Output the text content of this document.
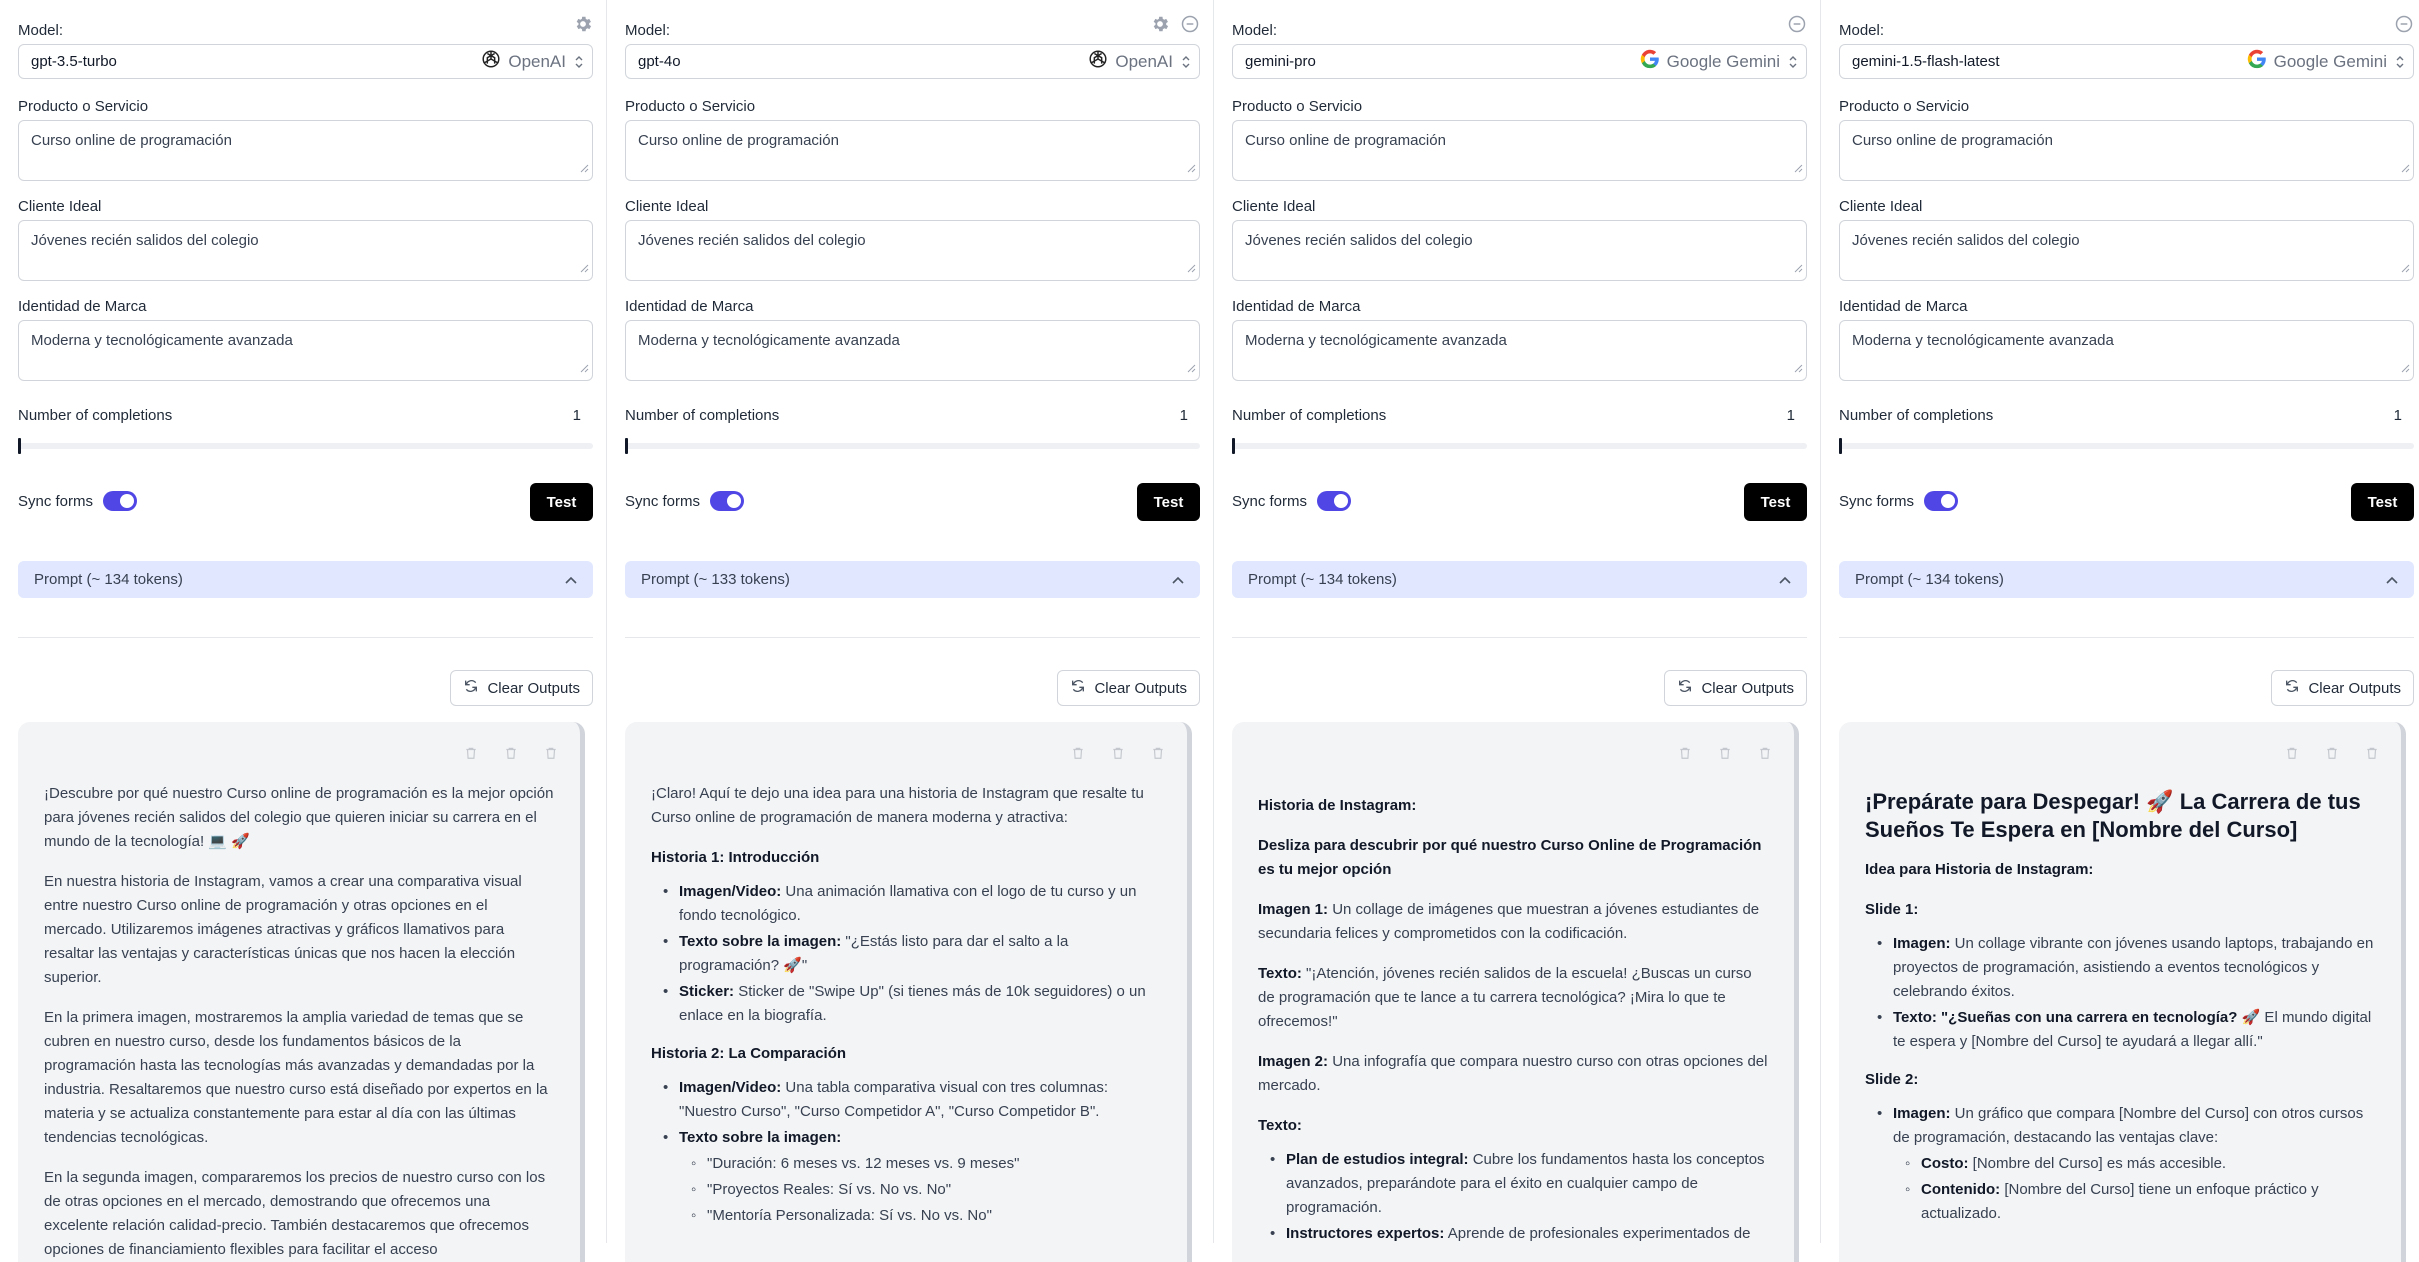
Model:
gpt-3.5-turbo	OpenAI
Producto o Servicio
Curso online de programación
Cliente Ideal
Jóvenes recién salidos del colegio
Identidad de Marca
Moderna y tecnológicamente avanzada
Number of completions	1
Sync forms	Test
Prompt (~ 134 tokens)
Clear Outputs

¡Descubre por qué nuestro Curso online de programación es la mejor opción para jóvenes recién salidos del colegio que quieren iniciar su carrera en el mundo de la tecnología! 💻 🚀

En nuestra historia de Instagram, vamos a crear una comparativa visual entre nuestro Curso online de programación y otras opciones en el mercado. Utilizaremos imágenes atractivas y gráficos llamativos para resaltar las ventajas y características únicas que nos hacen la elección superior.

En la primera imagen, mostraremos la amplia variedad de temas que se cubren en nuestro curso, desde los fundamentos básicos de la programación hasta las tecnologías más avanzadas y demandadas por la industria. Resaltaremos que nuestro curso está diseñado por expertos en la materia y se actualiza constantemente para estar al día con las últimas tendencias tecnológicas.

En la segunda imagen, compararemos los precios de nuestro curso con los de otras opciones en el mercado, demostrando que ofrecemos una excelente relación calidad-precio. También destacaremos que ofrecemos opciones de financiamiento flexibles para facilitar el acceso

Model:
gpt-4o	OpenAI
Producto o Servicio
Curso online de programación
Cliente Ideal
Jóvenes recién salidos del colegio
Identidad de Marca
Moderna y tecnológicamente avanzada
Number of completions	1
Sync forms	Test
Prompt (~ 133 tokens)
Clear Outputs

¡Claro! Aquí te dejo una idea para una historia de Instagram que resalte tu Curso online de programación de manera moderna y atractiva:

Historia 1: Introducción

• Imagen/Video: Una animación llamativa con el logo de tu curso y un fondo tecnológico.
• Texto sobre la imagen: "¿Estás listo para dar el salto a la programación? 🚀"
• Sticker: Sticker de "Swipe Up" (si tienes más de 10k seguidores) o un enlace en la biografía.

Historia 2: La Comparación

• Imagen/Video: Una tabla comparativa visual con tres columnas: "Nuestro Curso", "Curso Competidor A", "Curso Competidor B".
• Texto sobre la imagen:
◦ "Duración: 6 meses vs. 12 meses vs. 9 meses"
◦ "Proyectos Reales: Sí vs. No vs. No"
◦ "Mentoría Personalizada: Sí vs. No vs. No"
Model:
gemini-pro	Google Gemini
Producto o Servicio
Curso online de programación
Cliente Ideal
Jóvenes recién salidos del colegio
Identidad de Marca
Moderna y tecnológicamente avanzada
Number of completions	1
Sync forms	Test
Prompt (~ 134 tokens)
Clear Outputs

Historia de Instagram:

Desliza para descubrir por qué nuestro Curso Online de Programación es tu mejor opción

Imagen 1: Un collage de imágenes que muestran a jóvenes estudiantes de secundaria felices y comprometidos con la codificación.

Texto: "¡Atención, jóvenes recién salidos de la escuela! ¿Buscas un curso de programación que te lance a tu carrera tecnológica? ¡Mira lo que te ofrecemos!"

Imagen 2: Una infografía que compara nuestro curso con otras opciones del mercado.

Texto:

• Plan de estudios integral: Cubre los fundamentos hasta los conceptos avanzados, preparándote para el éxito en cualquier campo de programación.
• Instructores expertos: Aprende de profesionales experimentados de
Model:
gemini-1.5-flash-latest	Google Gemini
Producto o Servicio
Curso online de programación
Cliente Ideal
Jóvenes recién salidos del colegio
Identidad de Marca
Moderna y tecnológicamente avanzada
Number of completions	1
Sync forms	Test
Prompt (~ 134 tokens)
Clear Outputs
¡Prepárate para Despegar! 🚀 La Carrera de tus Sueños Te Espera en [Nombre del Curso]

Idea para Historia de Instagram:

Slide 1:

• Imagen: Un collage vibrante con jóvenes usando laptops, trabajando en proyectos de programación, asistiendo a eventos tecnológicos y celebrando éxitos.
• Texto: "¿Sueñas con una carrera en tecnología? 🚀 El mundo digital te espera y [Nombre del Curso] te ayudará a llegar allí."

Slide 2:

• Imagen: Un gráfico que compara [Nombre del Curso] con otros cursos de programación, destacando las ventajas clave:
◦ Costo: [Nombre del Curso] es más accesible.
◦ Contenido: [Nombre del Curso] tiene un enfoque práctico y actualizado.
